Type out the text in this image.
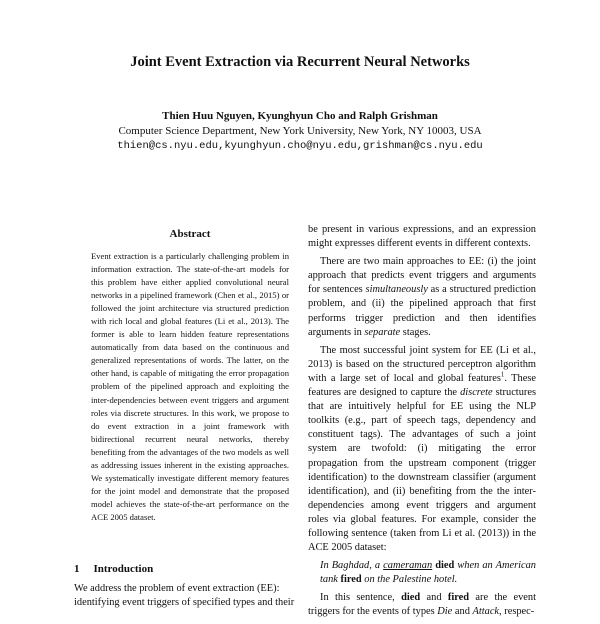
Joint Event Extraction via Recurrent Neural Networks
Thien Huu Nguyen, Kyunghyun Cho and Ralph Grishman
Computer Science Department, New York University, New York, NY 10003, USA
thien@cs.nyu.edu,kyunghyun.cho@nyu.edu,grishman@cs.nyu.edu
Abstract
Event extraction is a particularly challenging problem in information extraction. The state-of-the-art models for this problem have either applied convolutional neural networks in a pipelined framework (Chen et al., 2015) or followed the joint architecture via structured prediction with rich local and global features (Li et al., 2013). The former is able to learn hidden feature representations automatically from data based on the continuous and generalized representations of words. The latter, on the other hand, is capable of mitigating the error propagation problem of the pipelined approach and exploiting the inter-dependencies between event triggers and argument roles via discrete structures. In this work, we propose to do event extraction in a joint framework with bidirectional recurrent neural networks, thereby benefiting from the advantages of the two models as well as addressing issues inherent in the existing approaches. We systematically investigate different memory features for the joint model and demonstrate that the proposed model achieves the state-of-the-art performance on the ACE 2005 dataset.
1 Introduction
We address the problem of event extraction (EE):
identifying event triggers of specified types and their

be present in various expressions, and an expression might expresses different events in different contexts.

There are two main approaches to EE: (i) the joint approach that predicts event triggers and arguments for sentences simultaneously as a structured prediction problem, and (ii) the pipelined approach that first performs trigger prediction and then identifies arguments in separate stages.

The most successful joint system for EE (Li et al., 2013) is based on the structured perceptron algorithm with a large set of local and global features$^1$. These features are designed to capture the discrete structures that are intuitively helpful for EE using the NLP toolkits (e.g., part of speech tags, dependency and constituent tags). The advantages of such a joint system are twofold: (i) mitigating the error propagation from the upstream component (trigger identification) to the downstream classifier (argument identification), and (ii) benefiting from the the inter-dependencies among event triggers and argument roles via global features. For example, consider the following sentence (taken from Li et al. (2013)) in the ACE 2005 dataset:

In Baghdad, a cameraman died when an American tank fired on the Palestine hotel.

In this sentence, died and fired are the event triggers for the events of types Die and Attack, respec-
